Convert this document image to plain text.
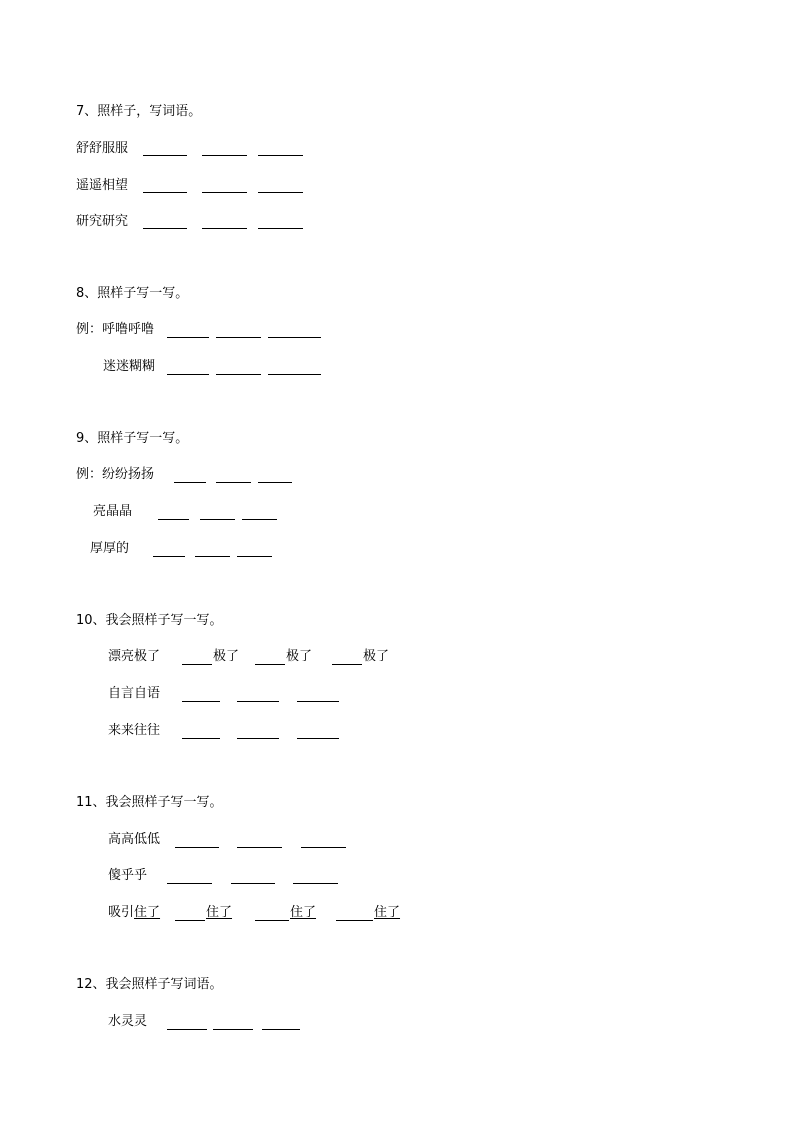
7、照样子，写词语。
舒舒服服
遥遥相望
研究研究
8、照样子写一写。
例：呼噜呼噜
迷迷糊糊
9、照样子写一写。
例：纷纷扬扬
亮晶晶
厚厚的
10、我会照样子写一写。
漂亮极了	极了	极了	极了
自言自语
来来往往
11、我会照样子写一写。
高高低低
傻乎乎
吸引住了	住了	住了	住了
12、我会照样子写词语。
水灵灵
